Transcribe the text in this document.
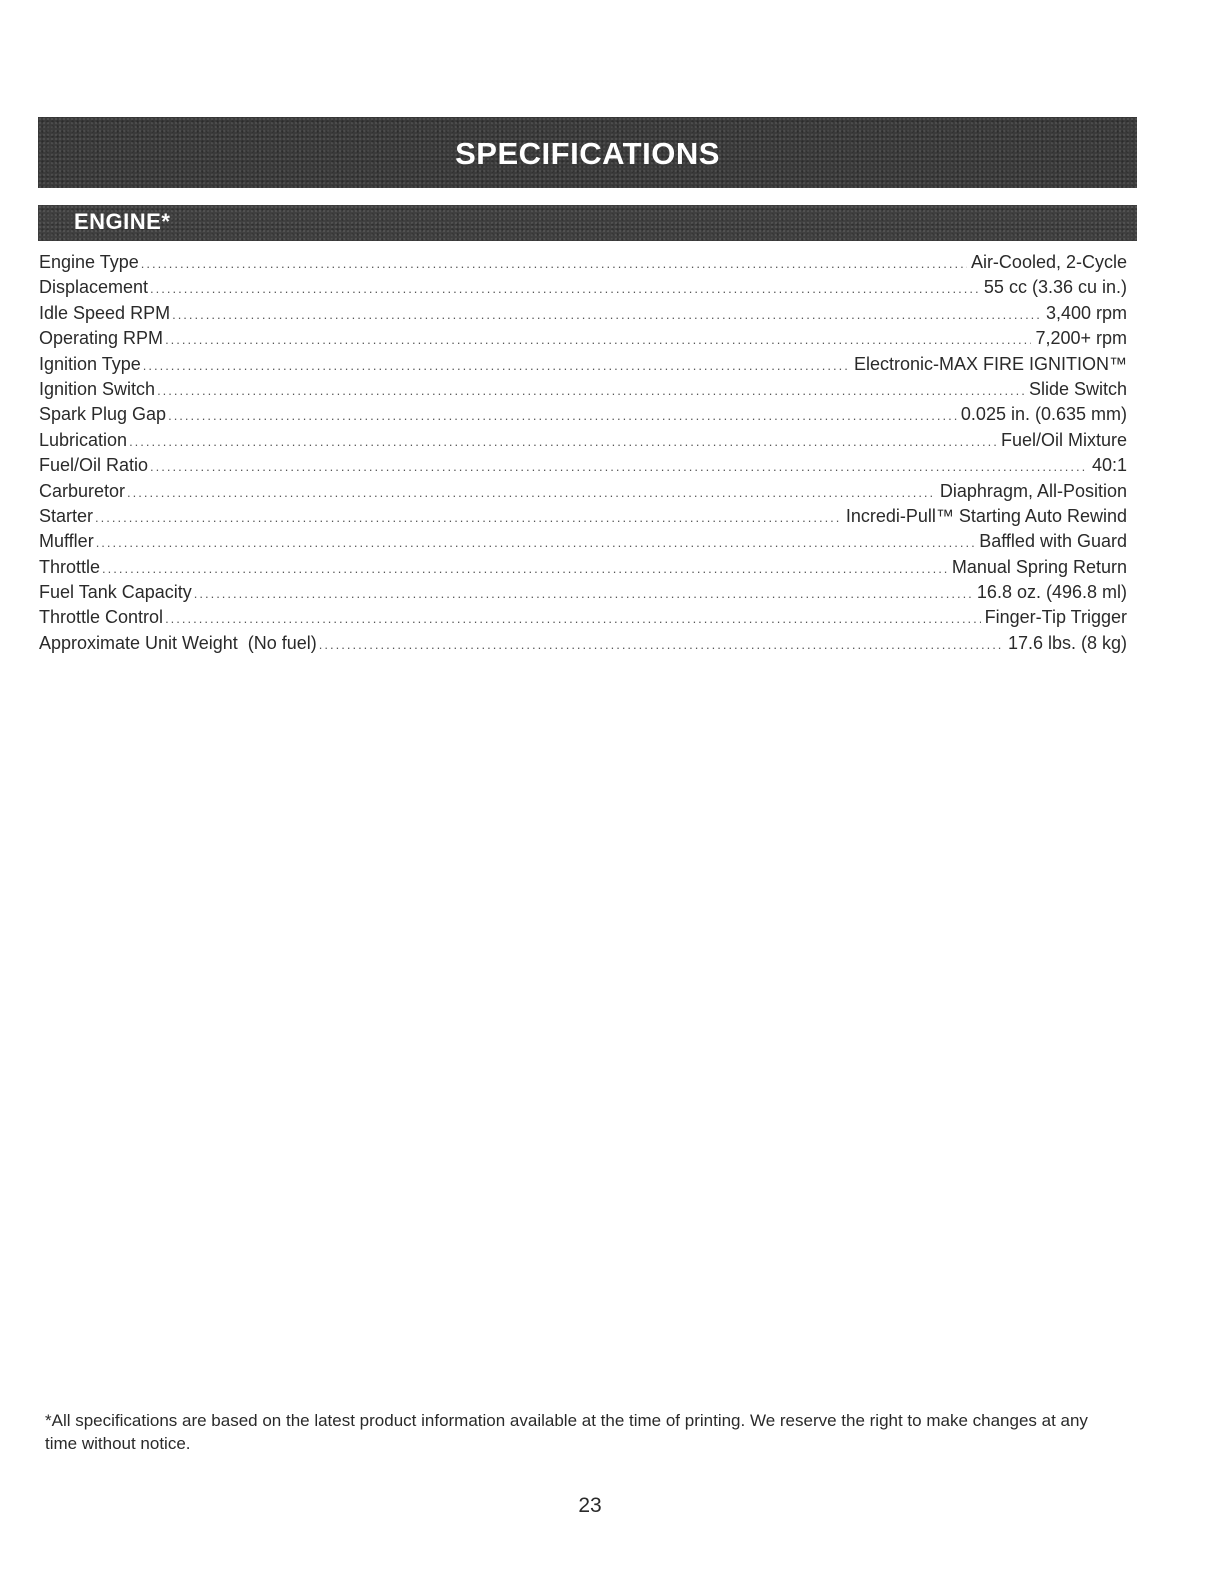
SPECIFICATIONS
ENGINE*
Engine Type .....	Air-Cooled, 2-Cycle
Displacement .....	55 cc (3.36 cu in.)
Idle Speed RPM .....	3,400 rpm
Operating RPM .....	7,200+ rpm
Ignition Type .....	Electronic-MAX FIRE IGNITION™
Ignition Switch .....	Slide Switch
Spark Plug Gap .....	0.025 in. (0.635 mm)
Lubrication .....	Fuel/Oil Mixture
Fuel/Oil Ratio .....	40:1
Carburetor .....	Diaphragm, All-Position
Starter .....	Incredi-Pull™ Starting Auto Rewind
Muffler .....	Baffled with Guard
Throttle .....	Manual Spring Return
Fuel Tank Capacity .....	16.8 oz. (496.8 ml)
Throttle Control .....	Finger-Tip Trigger
Approximate Unit Weight  (No fuel) .....	17.6 lbs. (8 kg)

*All specifications are based on the latest product information available at the time of printing. We reserve the right to make changes at any time without notice.

23
